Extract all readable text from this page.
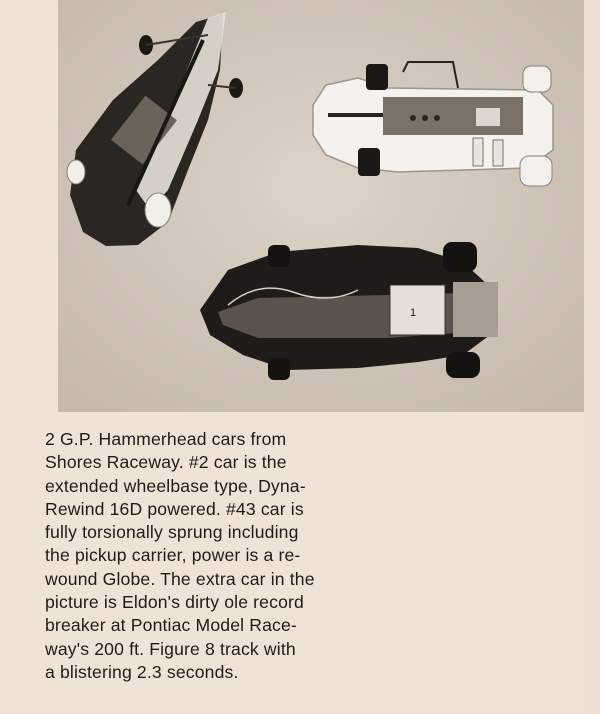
1

2 G.P. Hammerhead cars from
Shores Raceway. #2 car is the
extended wheelbase type, Dyna-
Rewind 16D powered. #43 car is
fully torsionally sprung including
the pickup carrier, power is a re-
wound Globe. The extra car in the
picture is Eldon's dirty ole record
breaker at Pontiac Model Race-
way's 200 ft. Figure 8 track with
a blistering 2.3 seconds.
